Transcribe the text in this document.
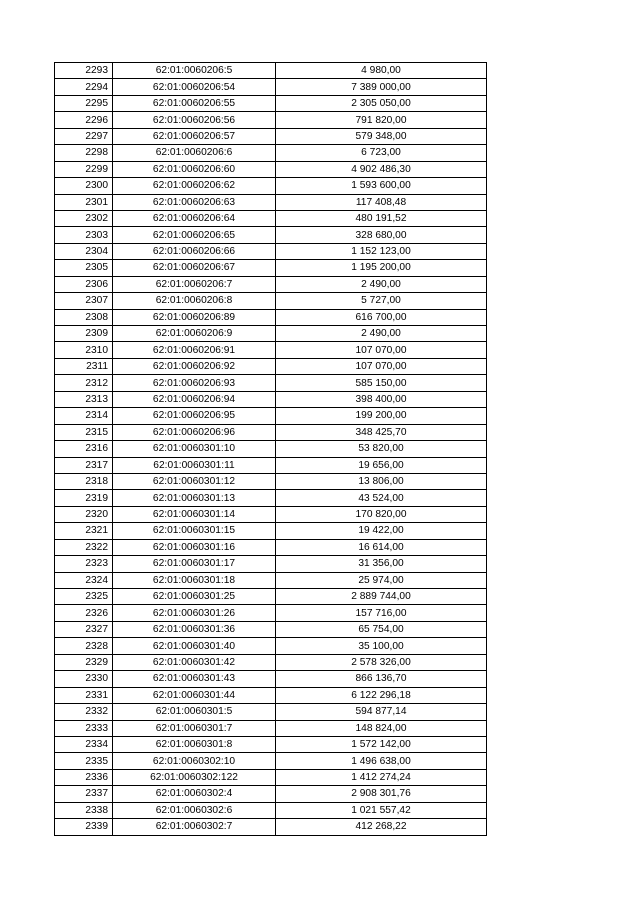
2293	62:01:0060206:5	4 980,00
2294	62:01:0060206:54	7 389 000,00
2295	62:01:0060206:55	2 305 050,00
2296	62:01:0060206:56	791 820,00
2297	62:01:0060206:57	579 348,00
2298	62:01:0060206:6	6 723,00
2299	62:01:0060206:60	4 902 486,30
2300	62:01:0060206:62	1 593 600,00
2301	62:01:0060206:63	117 408,48
2302	62:01:0060206:64	480 191,52
2303	62:01:0060206:65	328 680,00
2304	62:01:0060206:66	1 152 123,00
2305	62:01:0060206:67	1 195 200,00
2306	62:01:0060206:7	2 490,00
2307	62:01:0060206:8	5 727,00
2308	62:01:0060206:89	616 700,00
2309	62:01:0060206:9	2 490,00
2310	62:01:0060206:91	107 070,00
2311	62:01:0060206:92	107 070,00
2312	62:01:0060206:93	585 150,00
2313	62:01:0060206:94	398 400,00
2314	62:01:0060206:95	199 200,00
2315	62:01:0060206:96	348 425,70
2316	62:01:0060301:10	53 820,00
2317	62:01:0060301:11	19 656,00
2318	62:01:0060301:12	13 806,00
2319	62:01:0060301:13	43 524,00
2320	62:01:0060301:14	170 820,00
2321	62:01:0060301:15	19 422,00
2322	62:01:0060301:16	16 614,00
2323	62:01:0060301:17	31 356,00
2324	62:01:0060301:18	25 974,00
2325	62:01:0060301:25	2 889 744,00
2326	62:01:0060301:26	157 716,00
2327	62:01:0060301:36	65 754,00
2328	62:01:0060301:40	35 100,00
2329	62:01:0060301:42	2 578 326,00
2330	62:01:0060301:43	866 136,70
2331	62:01:0060301:44	6 122 296,18
2332	62:01:0060301:5	594 877,14
2333	62:01:0060301:7	148 824,00
2334	62:01:0060301:8	1 572 142,00
2335	62:01:0060302:10	1 496 638,00
2336	62:01:0060302:122	1 412 274,24
2337	62:01:0060302:4	2 908 301,76
2338	62:01:0060302:6	1 021 557,42
2339	62:01:0060302:7	412 268,22
